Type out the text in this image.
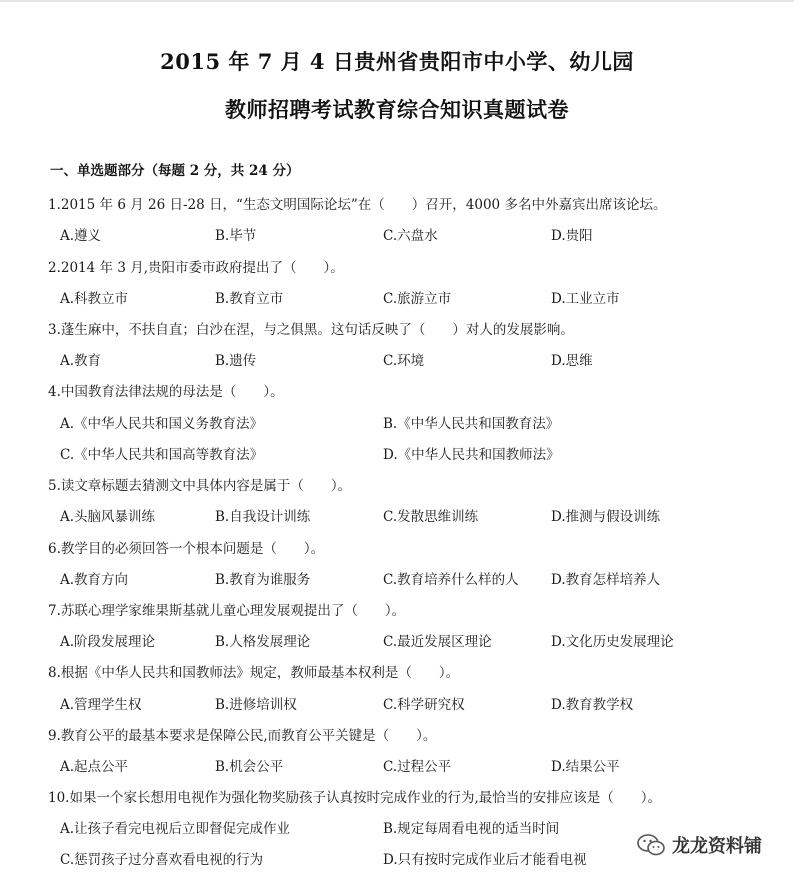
2015 年 7 月 4 日贵州省贵阳市中小学、幼儿园
教师招聘考试教育综合知识真题试卷
一、单选题部分（每题 2 分，共 24 分）
1.2015 年 6 月 26 日-28 日，“生态文明国际论坛”在（　　）召开，4000 多名中外嘉宾出席该论坛。
A.遵义	B.毕节	C.六盘水	D.贵阳
2.2014 年 3 月,贵阳市委市政府提出了（　　）。
A.科教立市	B.教育立市	C.旅游立市	D.工业立市
3.蓬生麻中，不扶自直；白沙在涅，与之俱黑。这句话反映了（　　）对人的发展影响。
A.教育	B.遗传	C.环境	D.思维
4.中国教育法律法规的母法是（　　）。
A.《中华人民共和国义务教育法》	B.《中华人民共和国教育法》
C.《中华人民共和国高等教育法》	D.《中华人民共和国教师法》
5.读文章标题去猜测文中具体内容是属于（　　）。
A.头脑风暴训练	B.自我设计训练	C.发散思维训练	D.推测与假设训练
6.教学目的必须回答一个根本问题是（　　）。
A.教育方向	B.教育为谁服务	C.教育培养什么样的人 D.教育怎样培养人
7.苏联心理学家维果斯基就儿童心理发展观提出了（　　）。
A.阶段发展理论	B.人格发展理论	C.最近发展区理论	D.文化历史发展理论
8.根据《中华人民共和国教师法》规定，教师最基本权利是（　　）。
A.管理学生权	B.进修培训权	C.科学研究权	D.教育教学权
9.教育公平的最基本要求是保障公民,而教育公平关键是（　　）。
A.起点公平	B.机会公平	C.过程公平	D.结果公平
10.如果一个家长想用电视作为强化物奖励孩子认真按时完成作业的行为,最恰当的安排应该是（　　）。
A.让孩子看完电视后立即督促完成作业	B.规定每周看电视的适当时间
C.惩罚孩子过分喜欢看电视的行为	D.只有按时完成作业后才能看电视
龙龙资料铺
